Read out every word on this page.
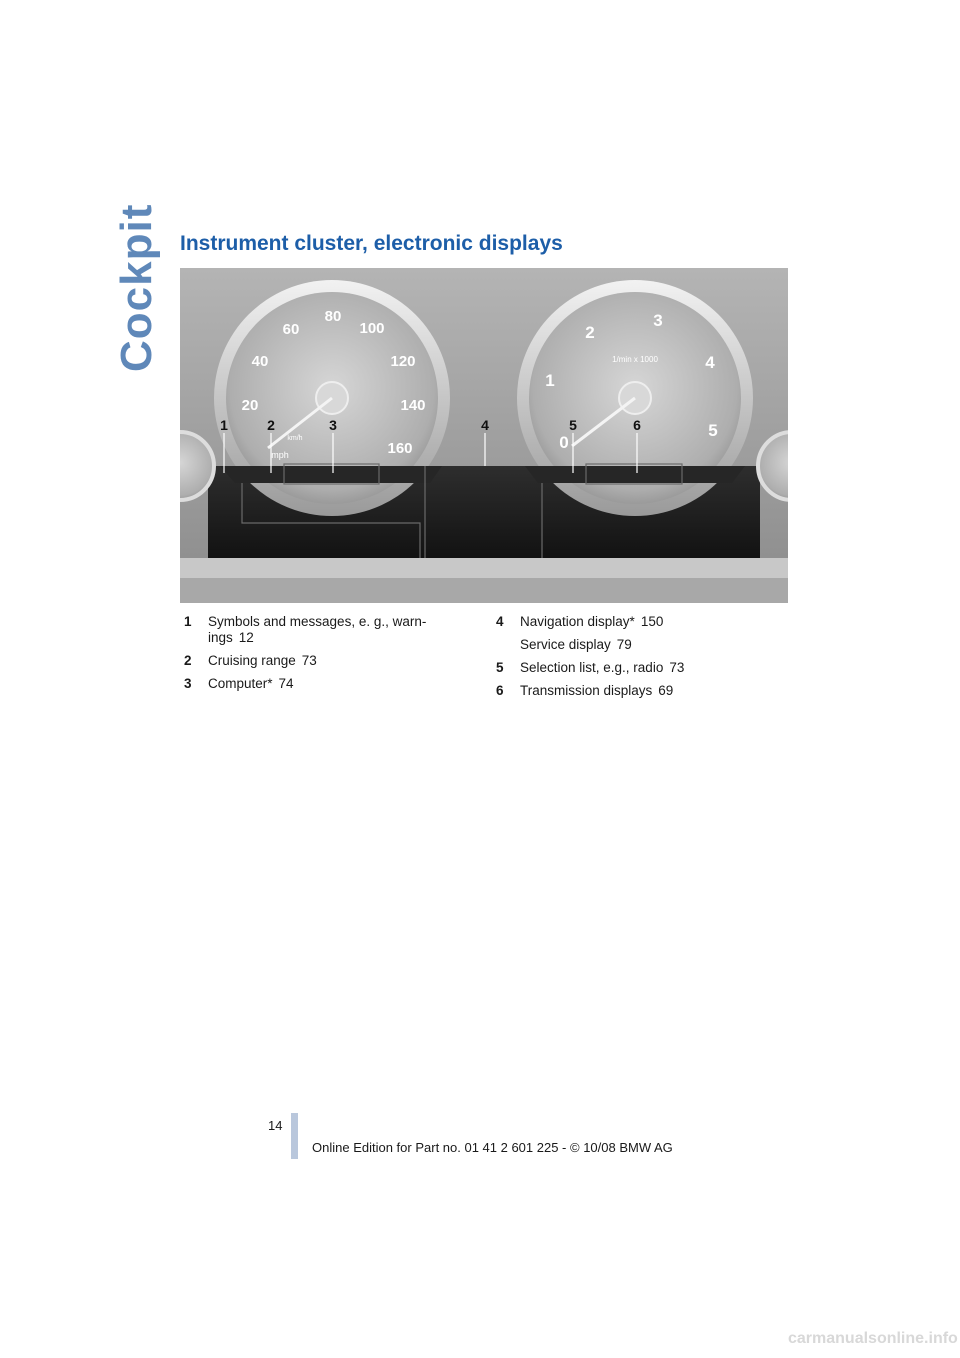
Cockpit Instrument cluster, electronic displays
20
40
60
80
100
120
140
160	0
1
2
3
4
5
1/min x 1000
km/h
mph
1	2	3	4	5	6
1 Symbols and messages, e. g., warn-ings 12
2 Cruising range 73
3 Computer* 74
4 Navigation display* 150
Service display 79
5 Selection list, e.g., radio 73
6 Transmission displays 69
14
Online Edition for Part no. 01 41 2 601 225 - © 10/08 BMW AG
carmanualsonline.info
